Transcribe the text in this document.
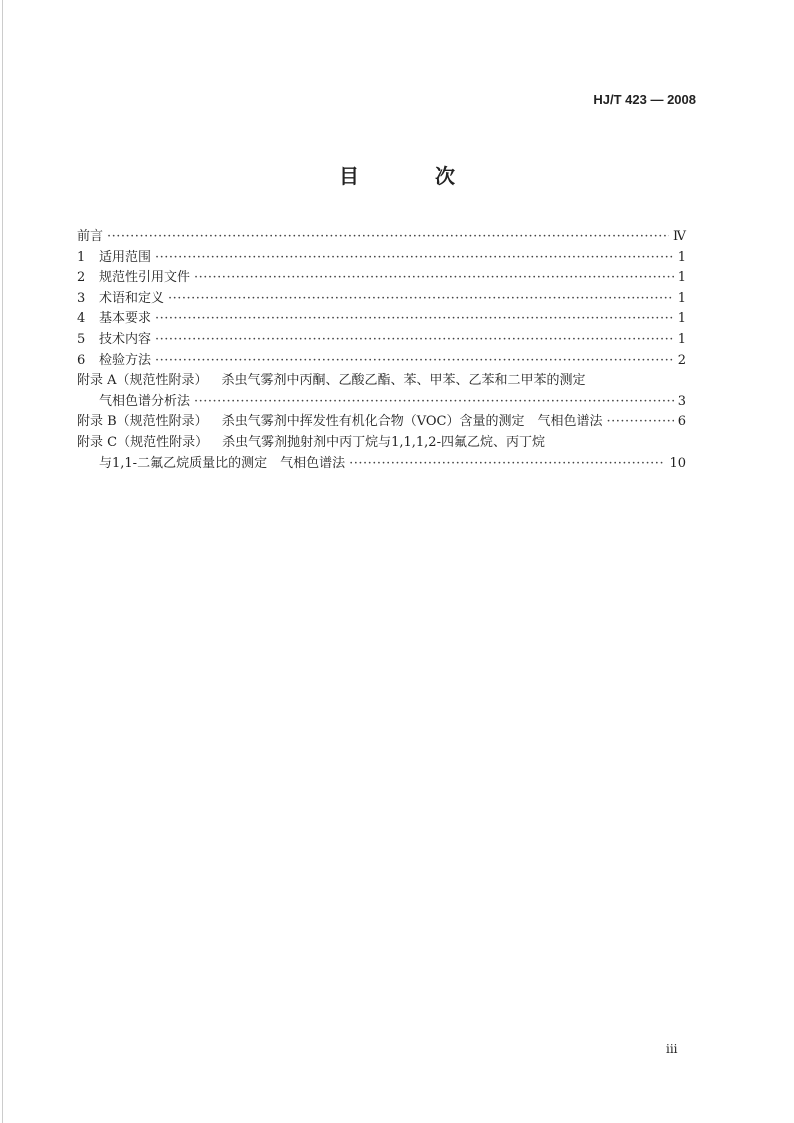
HJ/T 423 — 2008
目　次
前言 ·····	Ⅳ
1	适用范围 ·····	1
2	规范性引用文件 ·····	1
3	术语和定义 ·····	1
4	基本要求 ·····	1
5	技术内容 ·····	1
6	检验方法 ·····	2
附录 A（规范性附录） 杀虫气雾剂中丙酮、乙酸乙酯、苯、甲苯、乙苯和二甲苯的测定
气相色谱分析法 ·····	3
附录 B（规范性附录） 杀虫气雾剂中挥发性有机化合物（VOC）含量的测定　气相色谱法 ·····	6
附录 C（规范性附录） 杀虫气雾剂抛射剂中丙丁烷与1,1,1,2-四氟乙烷、丙丁烷
与1,1-二氟乙烷质量比的测定　气相色谱法 ·····	10
iii
